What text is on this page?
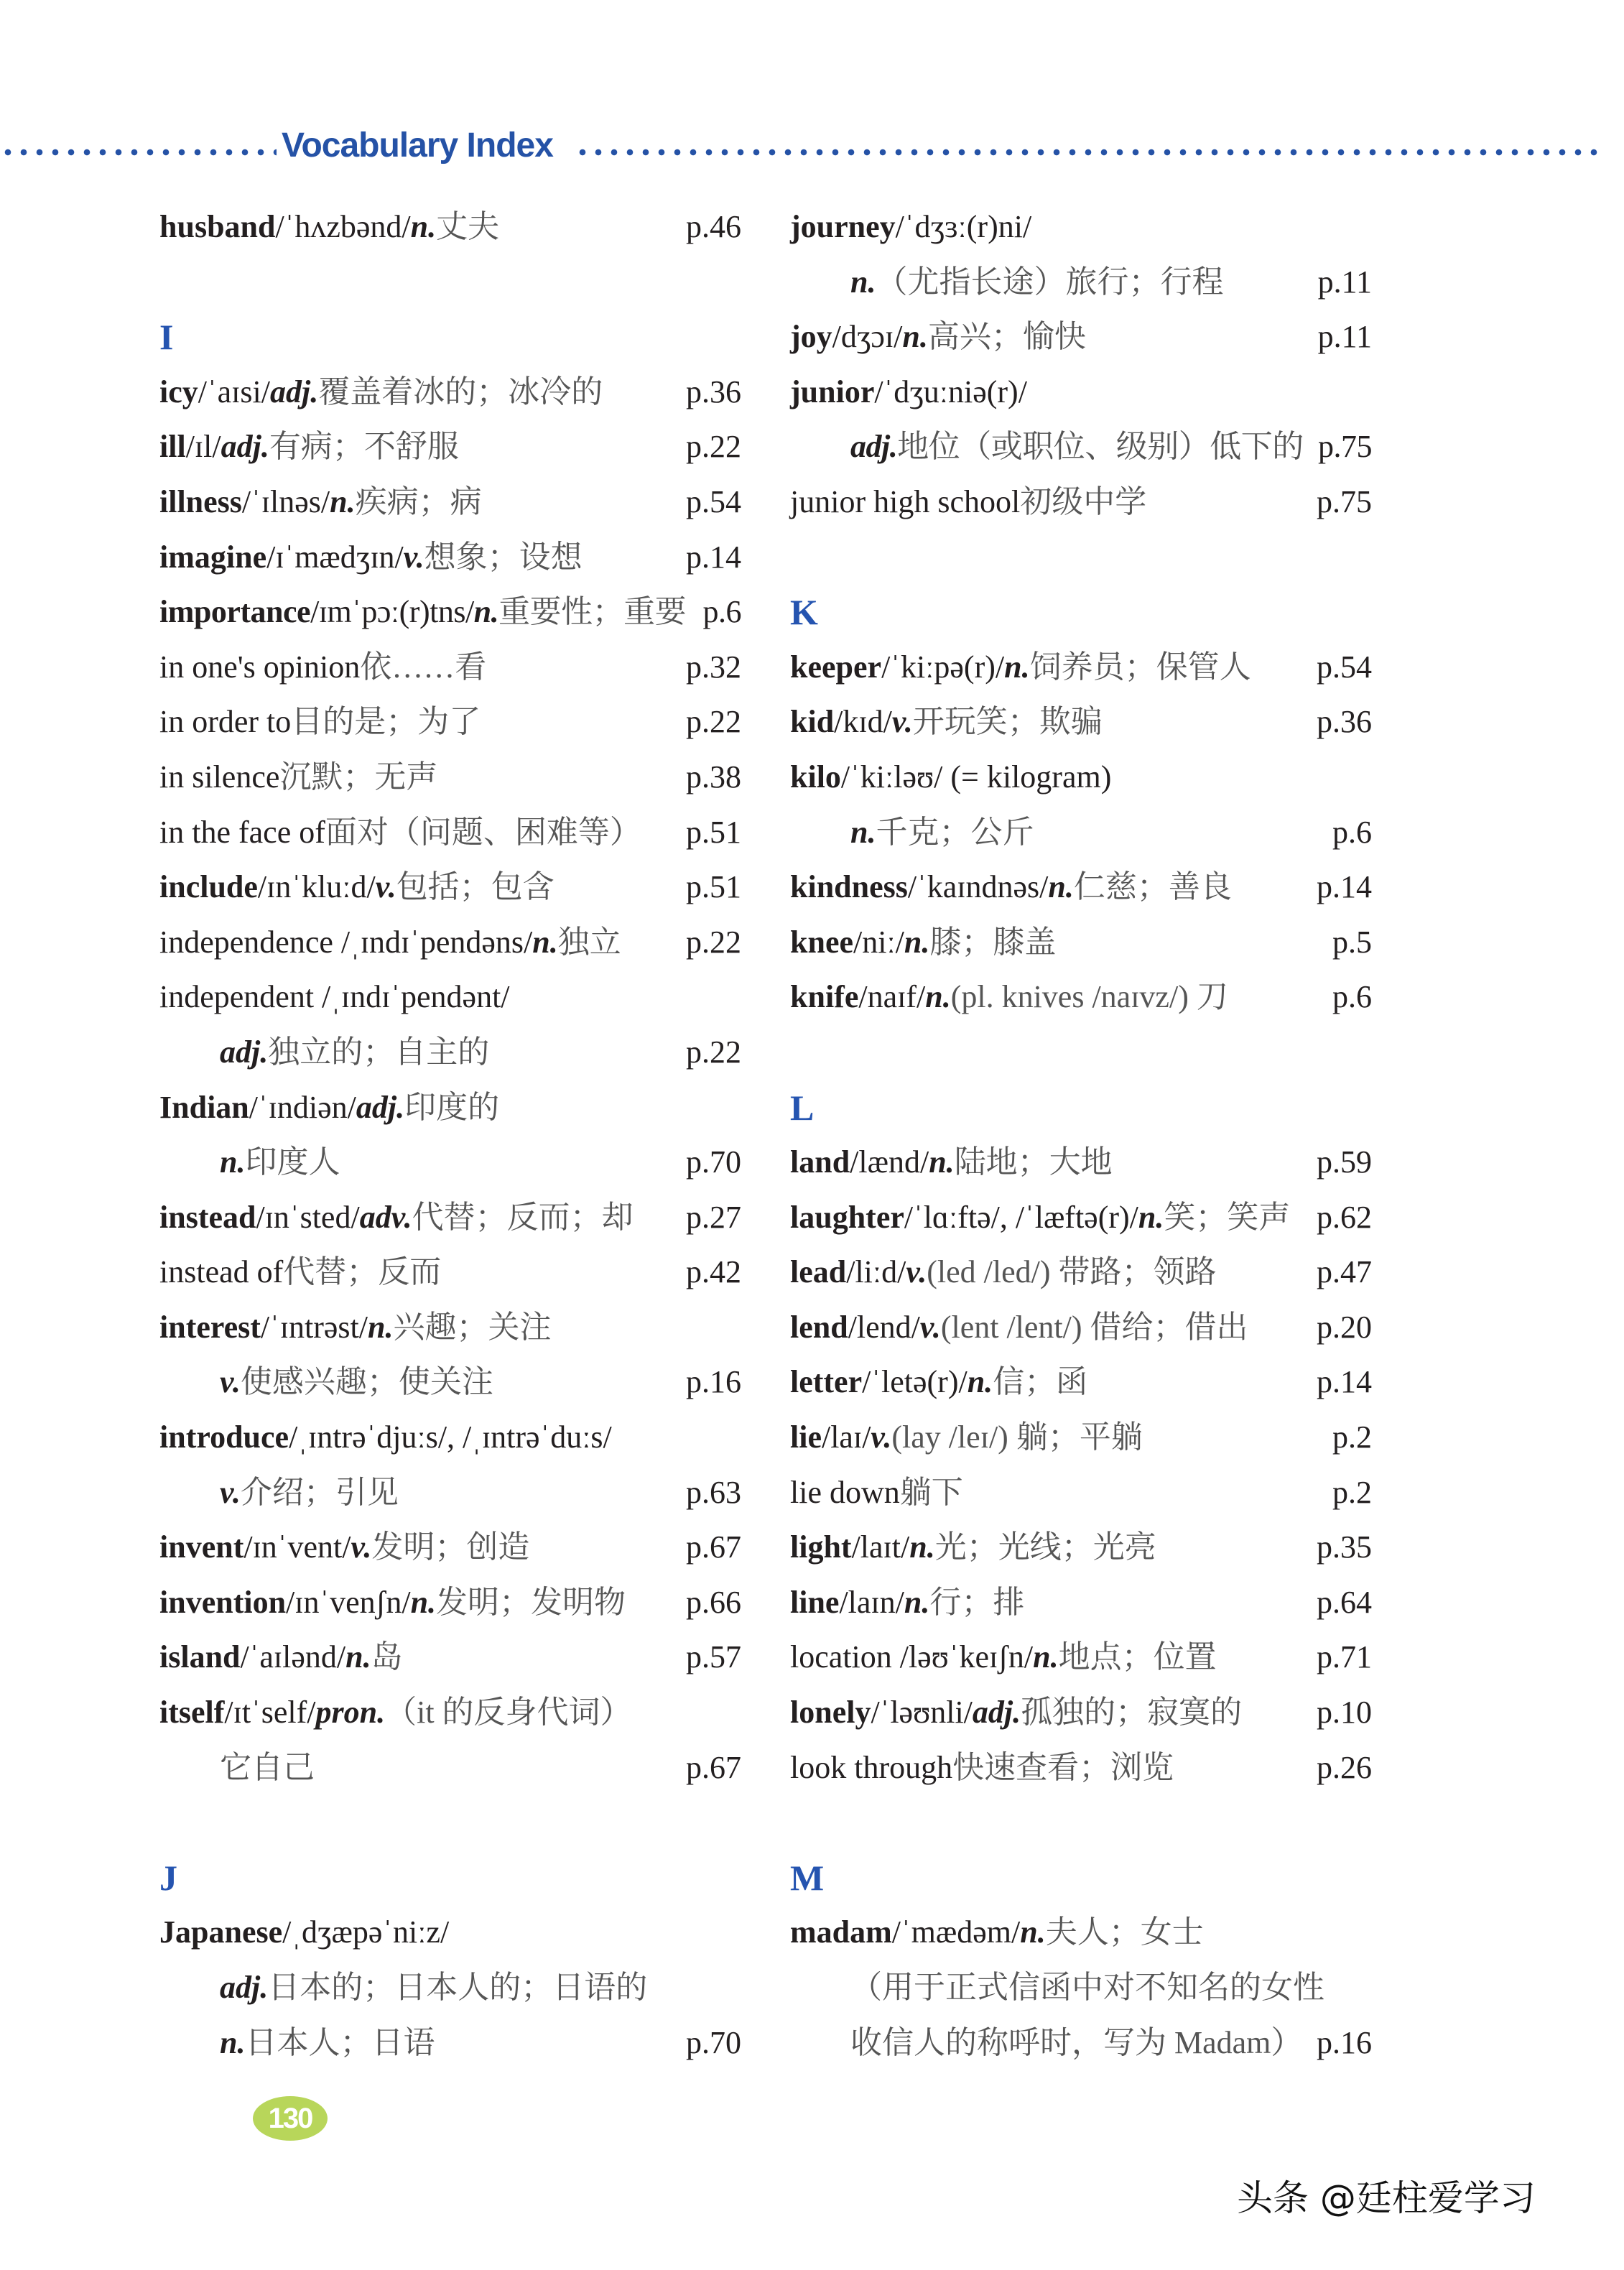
Vocabulary Index
husband /ˈhʌzbənd/ n. 丈夫	p.46
I
icy /ˈaɪsi/ adj. 覆盖着冰的；冰冷的	p.36
ill /ɪl/ adj. 有病；不舒服	p.22
illness /ˈɪlnəs/ n. 疾病；病	p.54
imagine /ɪˈmædʒɪn/ v. 想象；设想	p.14
importance /ɪmˈpɔː(r)tns/ n. 重要性；重要 p.6
in one's opinion 依……看	p.32
in order to 目的是；为了	p.22
in silence 沉默；无声	p.38
in the face of 面对（问题、困难等） p.51
include /ɪnˈkluːd/ v. 包括；包含	p.51
independence /ˌɪndɪˈpendəns/ n. 独立 p.22
independent /ˌɪndɪˈpendənt/
adj. 独立的；自主的	p.22
Indian /ˈɪndiən/ adj. 印度的
n. 印度人	p.70
instead /ɪnˈsted/ adv. 代替；反而；却 p.27
instead of 代替；反而	p.42
interest /ˈɪntrəst/ n. 兴趣；关注
v. 使感兴趣；使关注	p.16
introduce /ˌɪntrəˈdjuːs/, /ˌɪntrəˈduːs/
v. 介绍；引见	p.63
invent /ɪnˈvent/ v. 发明；创造	p.67
invention /ɪnˈvenʃn/ n. 发明；发明物 p.66
island /ˈaɪlənd/ n. 岛	p.57
itself /ɪtˈself/ pron. （it 的反身代词）
它自己	p.67
J
Japanese /ˌdʒæpəˈniːz/
adj. 日本的；日本人的；日语的
n. 日本人；日语	p.70
journey /ˈdʒɜː(r)ni/
n. （尤指长途）旅行；行程	p.11
joy /dʒɔɪ/ n. 高兴；愉快	p.11
junior /ˈdʒuːniə(r)/
adj. 地位（或职位、级别）低下的 p.75
junior high school 初级中学	p.75
K
keeper /ˈkiːpə(r)/ n. 饲养员；保管人 p.54
kid /kɪd/ v. 开玩笑；欺骗	p.36
kilo /ˈkiːləʊ/ (= kilogram)
n. 千克；公斤	p.6
kindness /ˈkaɪndnəs/ n. 仁慈；善良	p.14
knee /niː/ n. 膝；膝盖	p.5
knife /naɪf/ n. (pl. knives /naɪvz/) 刀	p.6
L
land /lænd/ n. 陆地；大地	p.59
laughter /ˈlɑːftə/, /ˈlæftə(r)/ n. 笑；笑声 p.62
lead /liːd/ v. (led /led/) 带路；领路	p.47
lend /lend/ v. (lent /lent/) 借给；借出 p.20
letter /ˈletə(r)/ n. 信；函	p.14
lie /laɪ/ v. (lay /leɪ/) 躺；平躺	p.2
lie down 躺下	p.2
light /laɪt/ n. 光；光线；光亮	p.35
line /laɪn/ n. 行；排	p.64
location /ləʊˈkeɪʃn/ n. 地点；位置	p.71
lonely /ˈləʊnli/ adj. 孤独的；寂寞的 p.10
look through 快速查看；浏览	p.26
M
madam /ˈmædəm/ n. 夫人；女士
（用于正式信函中对不知名的女性
收信人的称呼时，写为 Madam） p.16
130
头条 @廷柱爱学习
